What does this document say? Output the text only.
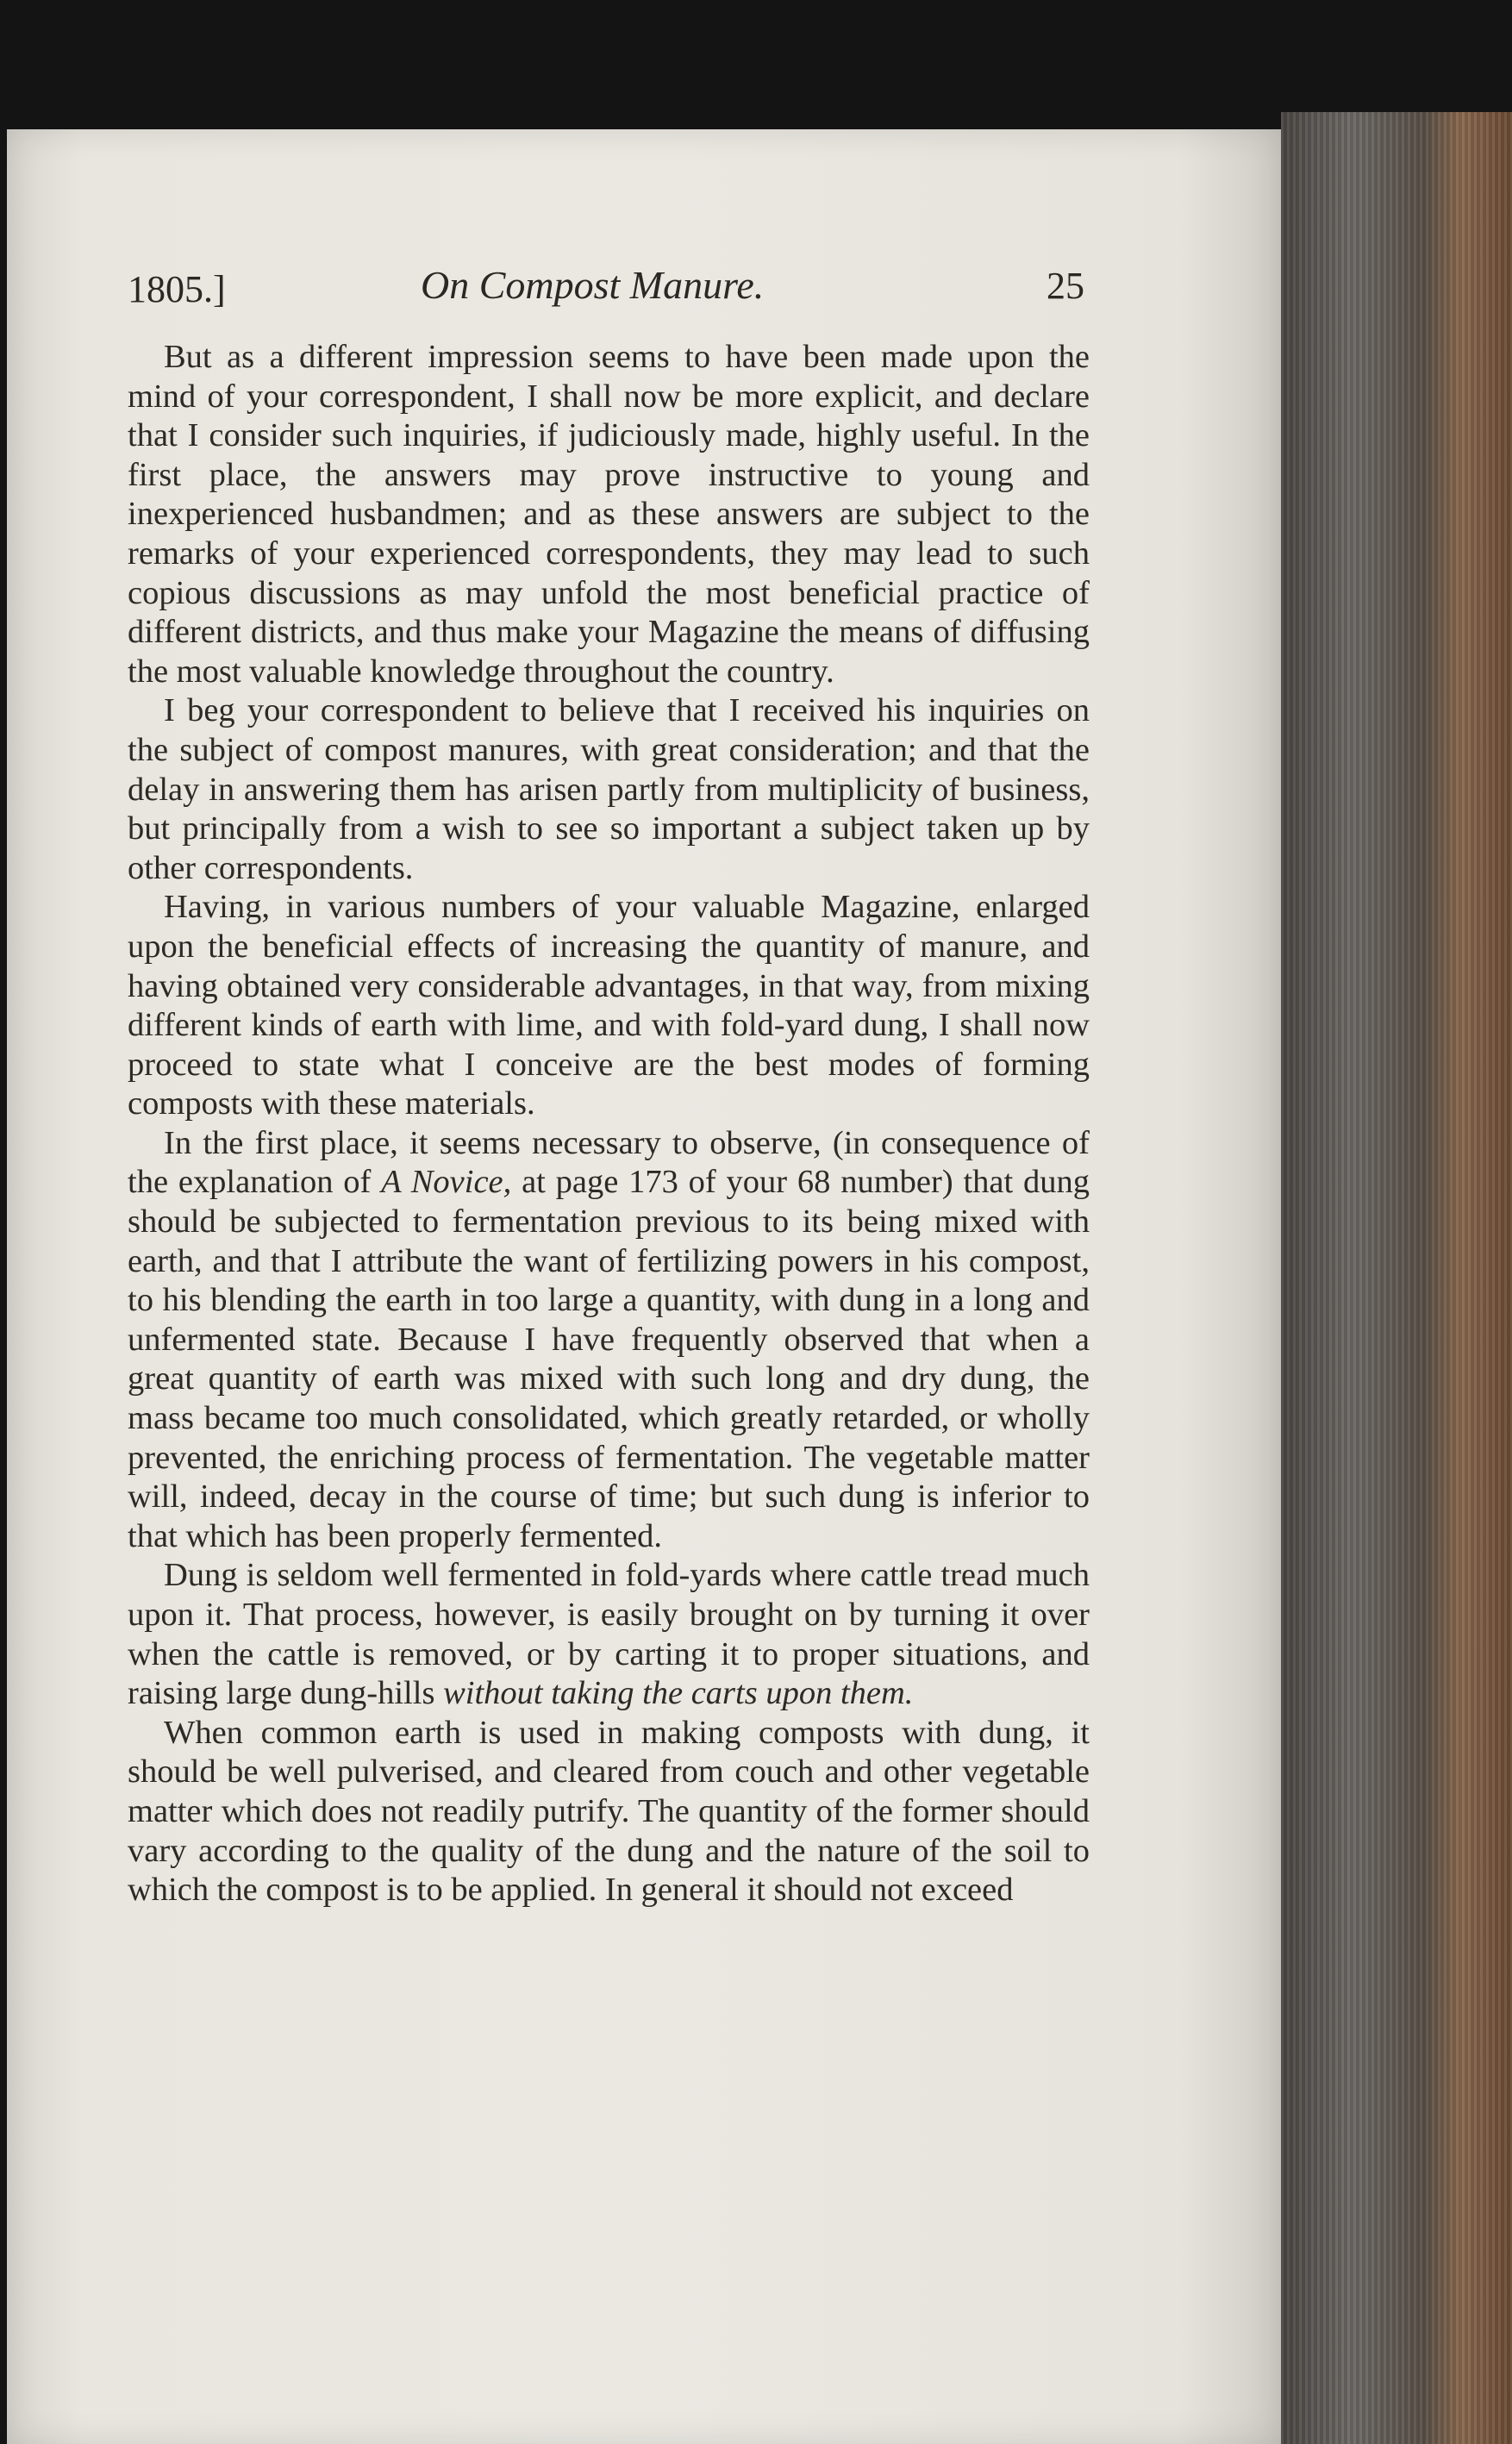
1805.]	On Compost Manure.	25

But as a different impression seems to have been made upon the mind of your correspondent, I shall now be more explicit, and declare that I consider such inquiries, if judiciously made, highly useful. In the first place, the answers may prove instructive to young and inexperienced husbandmen; and as these answers are subject to the remarks of your experienced correspondents, they may lead to such copious discussions as may unfold the most beneficial practice of different districts, and thus make your Magazine the means of diffusing the most valuable knowledge throughout the country.

I beg your correspondent to believe that I received his inquiries on the subject of compost manures, with great consideration; and that the delay in answering them has arisen partly from multiplicity of business, but principally from a wish to see so important a subject taken up by other correspondents.

Having, in various numbers of your valuable Magazine, enlarged upon the beneficial effects of increasing the quantity of manure, and having obtained very considerable advantages, in that way, from mixing different kinds of earth with lime, and with fold-yard dung, I shall now proceed to state what I conceive are the best modes of forming composts with these materials.

In the first place, it seems necessary to observe, (in consequence of the explanation of A Novice, at page 173 of your 68 number) that dung should be subjected to fermentation previous to its being mixed with earth, and that I attribute the want of fertilizing powers in his compost, to his blending the earth in too large a quantity, with dung in a long and unfermented state. Because I have frequently observed that when a great quantity of earth was mixed with such long and dry dung, the mass became too much consolidated, which greatly retarded, or wholly prevented, the enriching process of fermentation. The vegetable matter will, indeed, decay in the course of time; but such dung is inferior to that which has been properly fermented.

Dung is seldom well fermented in fold-yards where cattle tread much upon it. That process, however, is easily brought on by turning it over when the cattle is removed, or by carting it to proper situations, and raising large dung-hills without taking the carts upon them.

When common earth is used in making composts with dung, it should be well pulverised, and cleared from couch and other vegetable matter which does not readily putrify. The quantity of the former should vary according to the quality of the dung and the nature of the soil to which the compost is to be applied. In general it should not exceed
